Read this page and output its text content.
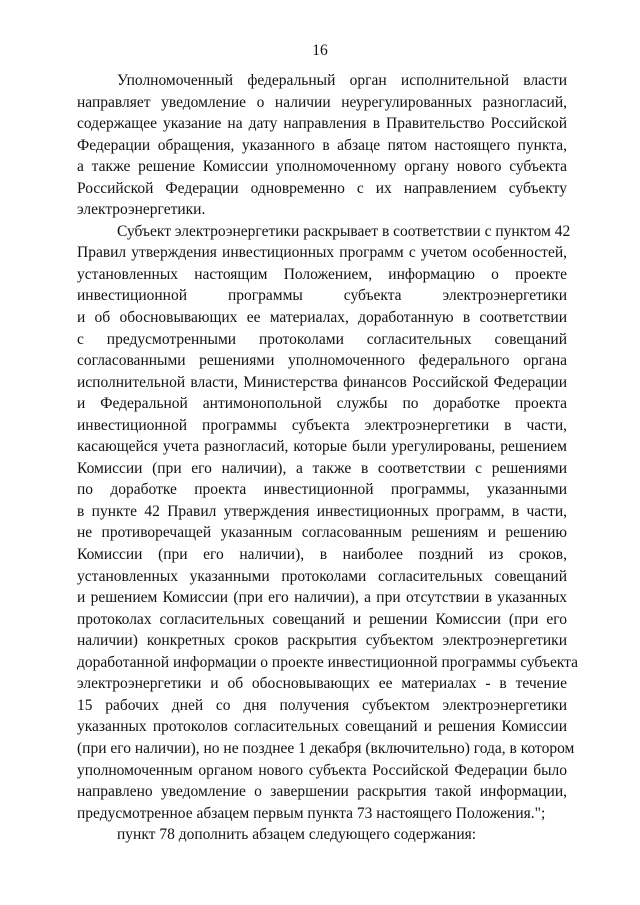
16

Уполномоченный федеральный орган исполнительной власти
направляет уведомление о наличии неурегулированных разногласий,
содержащее указание на дату направления в Правительство Российской
Федерации обращения, указанного в абзаце пятом настоящего пункта,
а также решение Комиссии уполномоченному органу нового субъекта
Российской Федерации одновременно с их направлением субъекту
электроэнергетики.

Субъект электроэнергетики раскрывает в соответствии с пунктом 42
Правил утверждения инвестиционных программ с учетом особенностей,
установленных настоящим Положением, информацию о проекте
инвестиционной программы субъекта электроэнергетики
и об обосновывающих ее материалах, доработанную в соответствии
с предусмотренными протоколами согласительных совещаний
согласованными решениями уполномоченного федерального органа
исполнительной власти, Министерства финансов Российской Федерации
и Федеральной антимонопольной службы по доработке проекта
инвестиционной программы субъекта электроэнергетики в части,
касающейся учета разногласий, которые были урегулированы, решением
Комиссии (при его наличии), а также в соответствии с решениями
по доработке проекта инвестиционной программы, указанными
в пункте 42 Правил утверждения инвестиционных программ, в части,
не противоречащей указанным согласованным решениям и решению
Комиссии (при его наличии), в наиболее поздний из сроков,
установленных указанными протоколами согласительных совещаний
и решением Комиссии (при его наличии), а при отсутствии в указанных
протоколах согласительных совещаний и решении Комиссии (при его
наличии) конкретных сроков раскрытия субъектом электроэнергетики
доработанной информации о проекте инвестиционной программы субъекта
электроэнергетики и об обосновывающих ее материалах - в течение
15 рабочих дней со дня получения субъектом электроэнергетики
указанных протоколов согласительных совещаний и решения Комиссии
(при его наличии), но не позднее 1 декабря (включительно) года, в котором
уполномоченным органом нового субъекта Российской Федерации было
направлено уведомление о завершении раскрытия такой информации,
предусмотренное абзацем первым пункта 73 настоящего Положения.";

пункт 78 дополнить абзацем следующего содержания:
